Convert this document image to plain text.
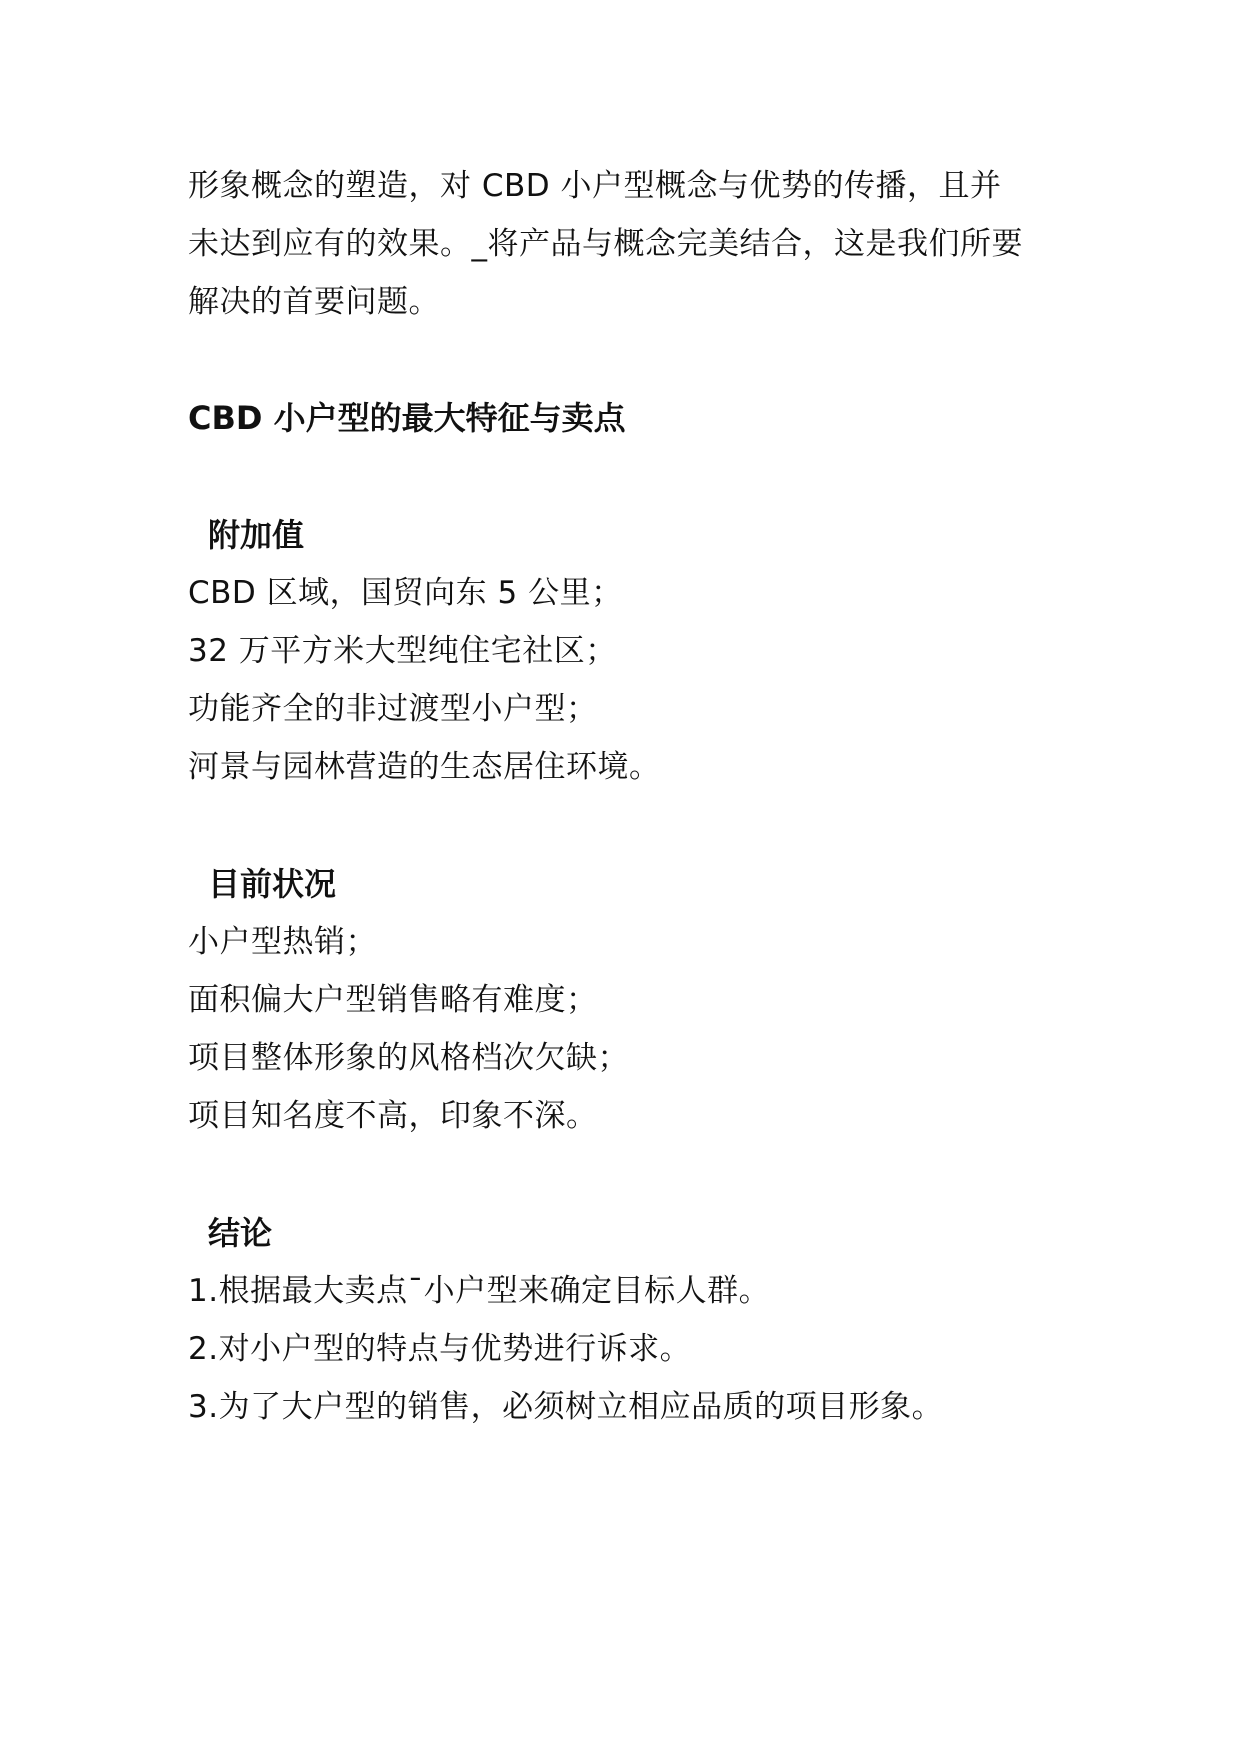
形象概念的塑造，对 CBD 小户型概念与优势的传播，且并
未达到应有的效果。_将产品与概念完美结合，这是我们所要
解决的首要问题。
CBD 小户型的最大特征与卖点
附加值
CBD 区域，国贸向东 5 公里；
32 万平方米大型纯住宅社区；
功能齐全的非过渡型小户型；
河景与园林营造的生态居住环境。
目前状况
小户型热销；
面积偏大户型销售略有难度；
项目整体形象的风格档次欠缺；
项目知名度不高，印象不深。
结论
1.根据最大卖点¯小户型来确定目标人群。
2.对小户型的特点与优势进行诉求。
3.为了大户型的销售，必须树立相应品质的项目形象。
